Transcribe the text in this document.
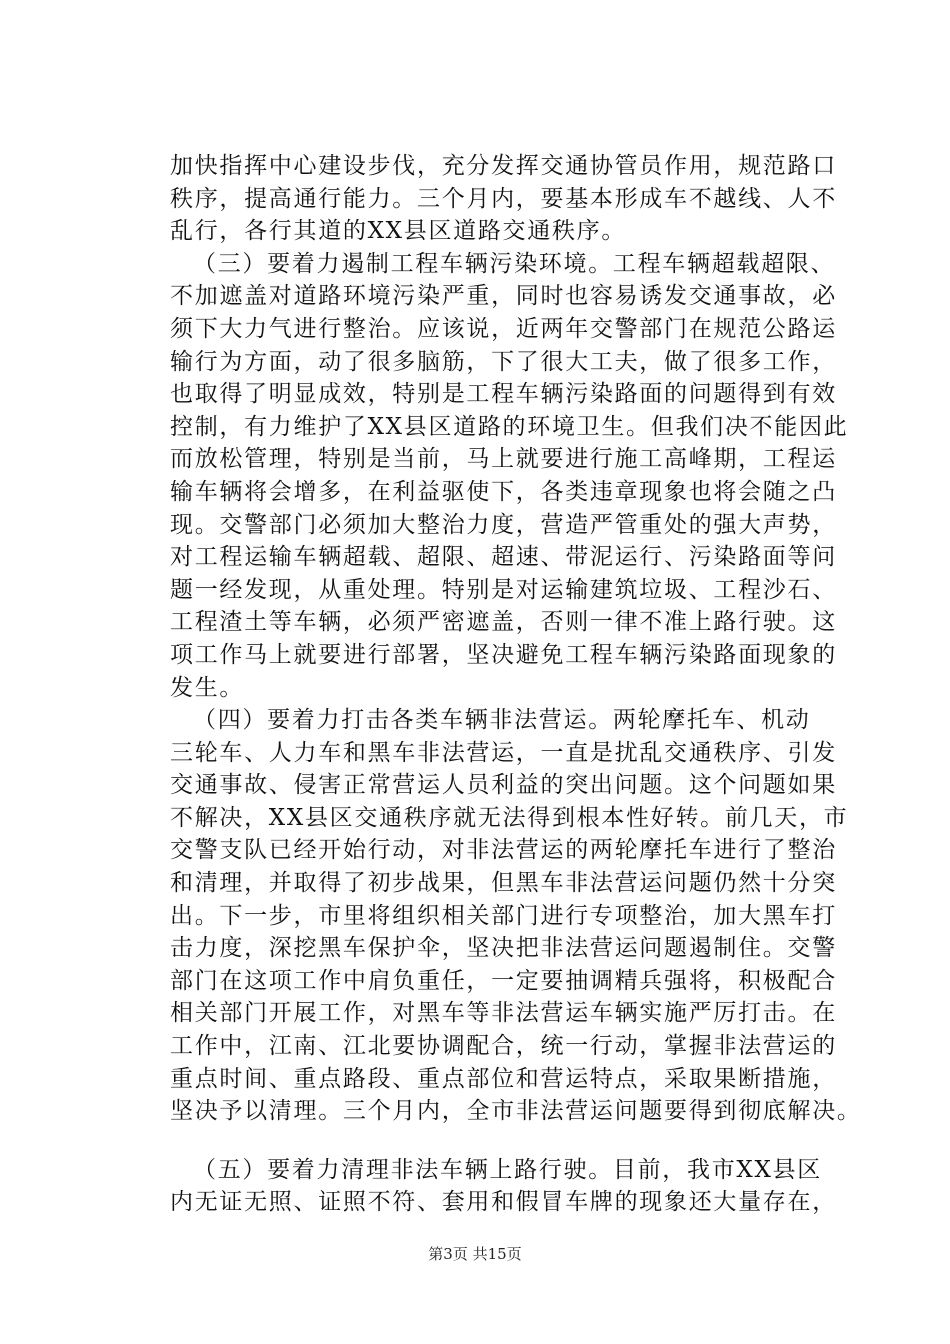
加快指挥中心建设步伐，充分发挥交通协管员作用，规范路口
秩序，提高通行能力。三个月内，要基本形成车不越线、人不
乱行，各行其道的XX县区道路交通秩序。
（三）要着力遏制工程车辆污染环境。工程车辆超载超限、
不加遮盖对道路环境污染严重，同时也容易诱发交通事故，必
须下大力气进行整治。应该说，近两年交警部门在规范公路运
输行为方面，动了很多脑筋，下了很大工夫，做了很多工作，
也取得了明显成效，特别是工程车辆污染路面的问题得到有效
控制，有力维护了XX县区道路的环境卫生。但我们决不能因此
而放松管理，特别是当前，马上就要进行施工高峰期，工程运
输车辆将会增多，在利益驱使下，各类违章现象也将会随之凸
现。交警部门必须加大整治力度，营造严管重处的强大声势，
对工程运输车辆超载、超限、超速、带泥运行、污染路面等问
题一经发现，从重处理。特别是对运输建筑垃圾、工程沙石、
工程渣土等车辆，必须严密遮盖，否则一律不准上路行驶。这
项工作马上就要进行部署，坚决避免工程车辆污染路面现象的
发生。
（四）要着力打击各类车辆非法营运。两轮摩托车、机动
三轮车、人力车和黑车非法营运，一直是扰乱交通秩序、引发
交通事故、侵害正常营运人员利益的突出问题。这个问题如果
不解决，XX县区交通秩序就无法得到根本性好转。前几天，市
交警支队已经开始行动，对非法营运的两轮摩托车进行了整治
和清理，并取得了初步战果，但黑车非法营运问题仍然十分突
出。下一步，市里将组织相关部门进行专项整治，加大黑车打
击力度，深挖黑车保护伞，坚决把非法营运问题遏制住。交警
部门在这项工作中肩负重任，一定要抽调精兵强将，积极配合
相关部门开展工作，对黑车等非法营运车辆实施严厉打击。在
工作中，江南、江北要协调配合，统一行动，掌握非法营运的
重点时间、重点路段、重点部位和营运特点，采取果断措施，
坚决予以清理。三个月内，全市非法营运问题要得到彻底解决。
（五）要着力清理非法车辆上路行驶。目前，我市XX县区
内无证无照、证照不符、套用和假冒车牌的现象还大量存在，
第3页 共15页
